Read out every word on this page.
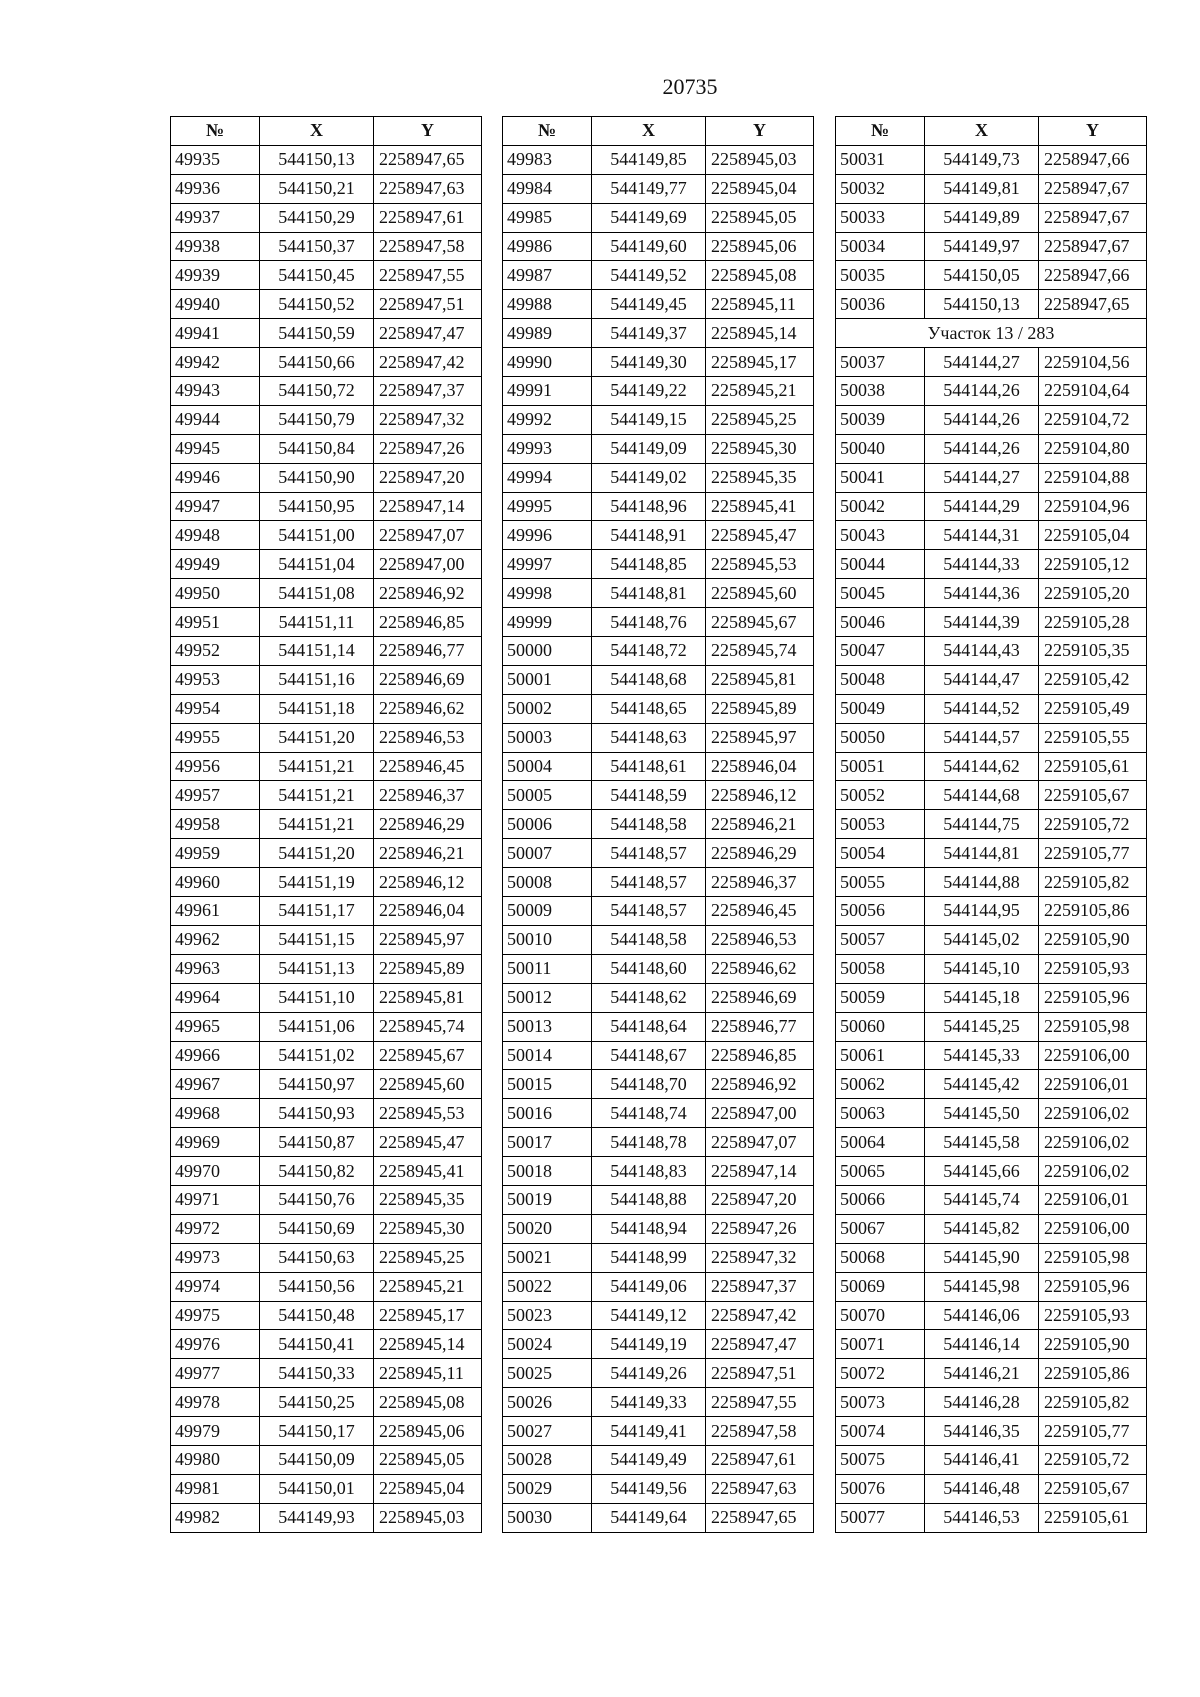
20735
№	X	Y
49935	544150,13	2258947,65
49936	544150,21	2258947,63
49937	544150,29	2258947,61
49938	544150,37	2258947,58
49939	544150,45	2258947,55
49940	544150,52	2258947,51
49941	544150,59	2258947,47
49942	544150,66	2258947,42
49943	544150,72	2258947,37
49944	544150,79	2258947,32
49945	544150,84	2258947,26
49946	544150,90	2258947,20
49947	544150,95	2258947,14
49948	544151,00	2258947,07
49949	544151,04	2258947,00
49950	544151,08	2258946,92
49951	544151,11	2258946,85
49952	544151,14	2258946,77
49953	544151,16	2258946,69
49954	544151,18	2258946,62
49955	544151,20	2258946,53
49956	544151,21	2258946,45
49957	544151,21	2258946,37
49958	544151,21	2258946,29
49959	544151,20	2258946,21
49960	544151,19	2258946,12
49961	544151,17	2258946,04
49962	544151,15	2258945,97
49963	544151,13	2258945,89
49964	544151,10	2258945,81
49965	544151,06	2258945,74
49966	544151,02	2258945,67
49967	544150,97	2258945,60
49968	544150,93	2258945,53
49969	544150,87	2258945,47
49970	544150,82	2258945,41
49971	544150,76	2258945,35
49972	544150,69	2258945,30
49973	544150,63	2258945,25
49974	544150,56	2258945,21
49975	544150,48	2258945,17
49976	544150,41	2258945,14
49977	544150,33	2258945,11
49978	544150,25	2258945,08
49979	544150,17	2258945,06
49980	544150,09	2258945,05
49981	544150,01	2258945,04
49982	544149,93	2258945,03
№	X	Y
49983	544149,85	2258945,03
49984	544149,77	2258945,04
49985	544149,69	2258945,05
49986	544149,60	2258945,06
49987	544149,52	2258945,08
49988	544149,45	2258945,11
49989	544149,37	2258945,14
49990	544149,30	2258945,17
49991	544149,22	2258945,21
49992	544149,15	2258945,25
49993	544149,09	2258945,30
49994	544149,02	2258945,35
49995	544148,96	2258945,41
49996	544148,91	2258945,47
49997	544148,85	2258945,53
49998	544148,81	2258945,60
49999	544148,76	2258945,67
50000	544148,72	2258945,74
50001	544148,68	2258945,81
50002	544148,65	2258945,89
50003	544148,63	2258945,97
50004	544148,61	2258946,04
50005	544148,59	2258946,12
50006	544148,58	2258946,21
50007	544148,57	2258946,29
50008	544148,57	2258946,37
50009	544148,57	2258946,45
50010	544148,58	2258946,53
50011	544148,60	2258946,62
50012	544148,62	2258946,69
50013	544148,64	2258946,77
50014	544148,67	2258946,85
50015	544148,70	2258946,92
50016	544148,74	2258947,00
50017	544148,78	2258947,07
50018	544148,83	2258947,14
50019	544148,88	2258947,20
50020	544148,94	2258947,26
50021	544148,99	2258947,32
50022	544149,06	2258947,37
50023	544149,12	2258947,42
50024	544149,19	2258947,47
50025	544149,26	2258947,51
50026	544149,33	2258947,55
50027	544149,41	2258947,58
50028	544149,49	2258947,61
50029	544149,56	2258947,63
50030	544149,64	2258947,65
№	X	Y
50031	544149,73	2258947,66
50032	544149,81	2258947,67
50033	544149,89	2258947,67
50034	544149,97	2258947,67
50035	544150,05	2258947,66
50036	544150,13	2258947,65
Участок 13 / 283		
50037	544144,27	2259104,56
50038	544144,26	2259104,64
50039	544144,26	2259104,72
50040	544144,26	2259104,80
50041	544144,27	2259104,88
50042	544144,29	2259104,96
50043	544144,31	2259105,04
50044	544144,33	2259105,12
50045	544144,36	2259105,20
50046	544144,39	2259105,28
50047	544144,43	2259105,35
50048	544144,47	2259105,42
50049	544144,52	2259105,49
50050	544144,57	2259105,55
50051	544144,62	2259105,61
50052	544144,68	2259105,67
50053	544144,75	2259105,72
50054	544144,81	2259105,77
50055	544144,88	2259105,82
50056	544144,95	2259105,86
50057	544145,02	2259105,90
50058	544145,10	2259105,93
50059	544145,18	2259105,96
50060	544145,25	2259105,98
50061	544145,33	2259106,00
50062	544145,42	2259106,01
50063	544145,50	2259106,02
50064	544145,58	2259106,02
50065	544145,66	2259106,02
50066	544145,74	2259106,01
50067	544145,82	2259106,00
50068	544145,90	2259105,98
50069	544145,98	2259105,96
50070	544146,06	2259105,93
50071	544146,14	2259105,90
50072	544146,21	2259105,86
50073	544146,28	2259105,82
50074	544146,35	2259105,77
50075	544146,41	2259105,72
50076	544146,48	2259105,67
50077	544146,53	2259105,61
